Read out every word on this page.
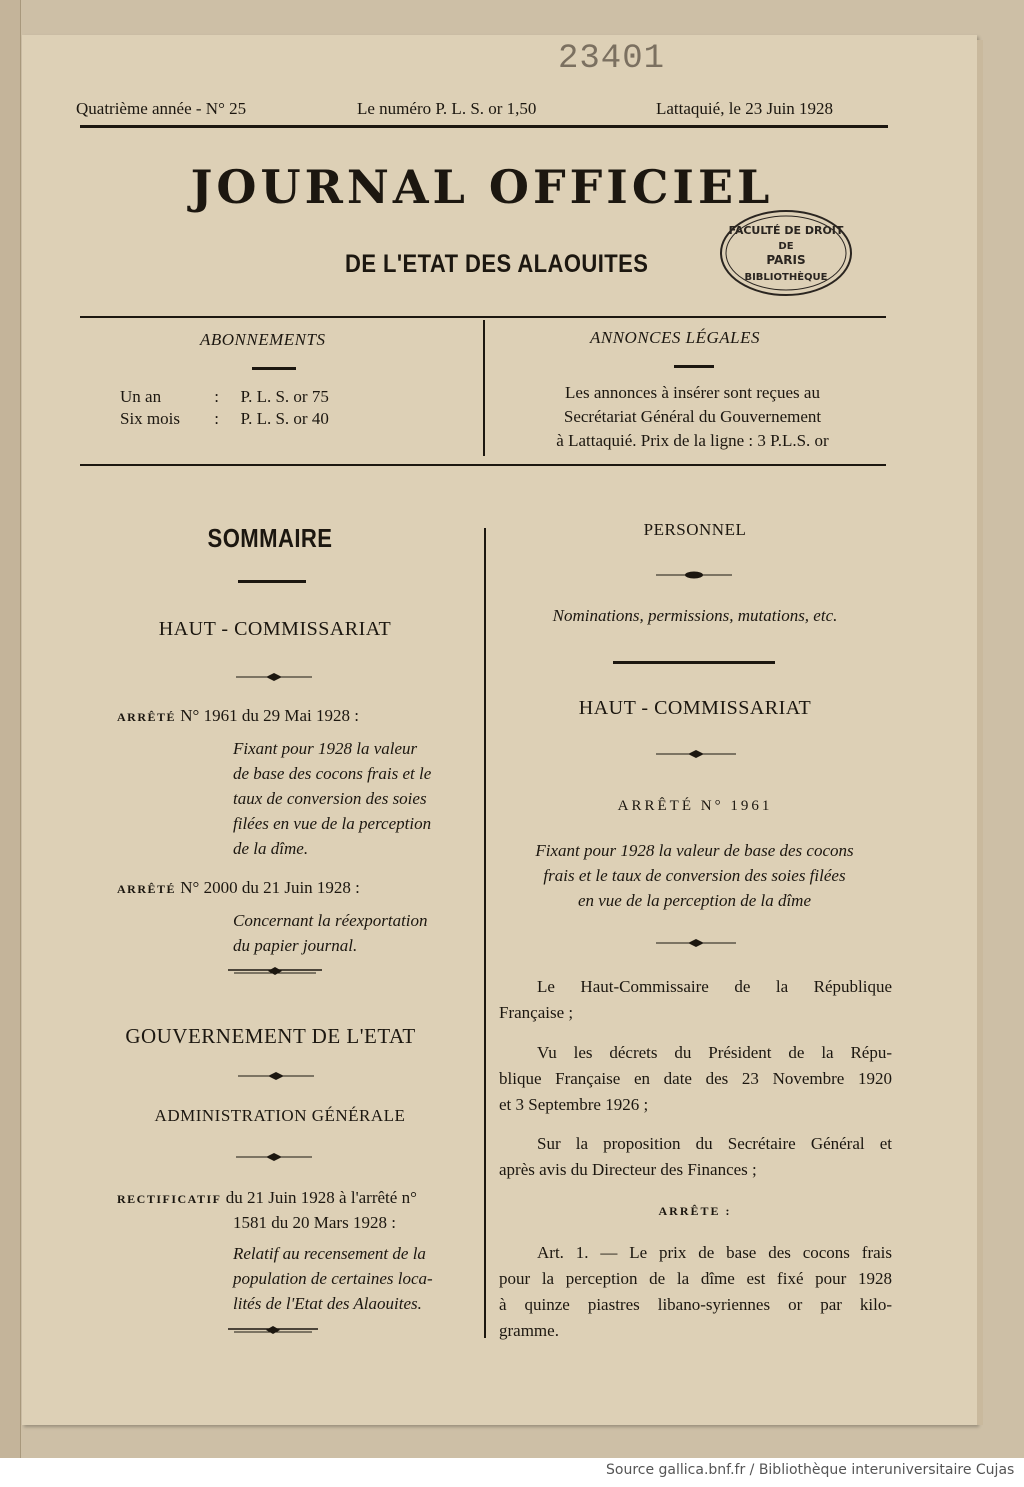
23401
Quatrième année - N° 25	Le numéro P. L. S. or 1,50	Lattaquié, le 23 Juin 1928
JOURNAL OFFICIEL
DE L'ETAT DES ALAOUITES
FACULTÉ DE DROIT
DE
PARIS
BIBLIOTHÈQUE
ABONNEMENTS
Un an	: P. L. S. or 75
Six mois : P. L. S. or 40
ANNONCES LÉGALES
Les annonces à insérer sont reçues au
Secrétariat Général du Gouvernement
à Lattaquié. Prix de la ligne : 3 P.L.S. or
SOMMAIRE
HAUT - COMMISSARIAT
ARRÊTÉ N° 1961 du 29 Mai 1928 :
Fixant pour 1928 la valeur
de base des cocons frais et le
taux de conversion des soies
filées en vue de la perception
de la dîme.
ARRÊTÉ N° 2000 du 21 Juin 1928 :
Concernant la réexportation
du papier journal.
GOUVERNEMENT DE L'ETAT
ADMINISTRATION GÉNÉRALE
RECTIFICATIF du 21 Juin 1928 à l'arrêté n°
1581 du 20 Mars 1928 :
Relatif au recensement de la
population de certaines loca-
lités de l'Etat des Alaouites.
PERSONNEL
Nominations, permissions, mutations, etc.
HAUT - COMMISSARIAT
ARRÊTÉ N° 1961
Fixant pour 1928 la valeur de base des cocons
frais et le taux de conversion des soies filées
en vue de la perception de la dîme
Le Haut-Commissaire de la République
Française ;
Vu les décrets du Président de la Répu-
blique Française en date des 23 Novembre 1920
et 3 Septembre 1926 ;
Sur la proposition du Secrétaire Général et
après avis du Directeur des Finances ;
ARRÊTE :
Art. 1. — Le prix de base des cocons frais
pour la perception de la dîme est fixé pour 1928
à quinze piastres libano-syriennes or par kilo-
gramme.
Source gallica.bnf.fr / Bibliothèque interuniversitaire Cujas
